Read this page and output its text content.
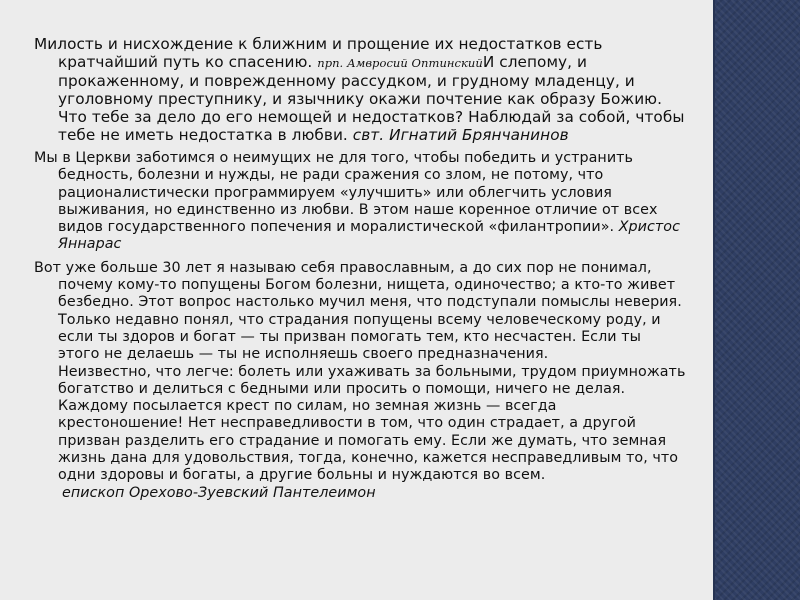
Милость и нисхождение к ближним и прощение их недостатков есть кратчайший путь ко спасению. прп. Амвросий ОптинскийИ слепому, и прокаженному, и поврежденному рассудком, и грудному младенцу, и уголовному преступнику, и язычнику окажи почтение как образу Божию. Что тебе за дело до его немощей и недостатков? Наблюдай за собой, чтобы тебе не иметь недостатка в любви. свт. Игнатий Брянчанинов

Мы в Церкви заботимся о неимущих не для того, чтобы победить и устранить бедность, болезни и нужды, не ради сражения со злом, не потому, что рационалистически программируем «улучшить» или облегчить условия выживания, но единственно из любви. В этом наше коренное отличие от всех видов государственного попечения и моралистической «филантропии». Христос Яннарас

Вот уже больше 30 лет я называю себя православным, а до сих пор не понимал, почему кому-то попущены Богом болезни, нищета, одиночество; а кто-то живет безбедно. Этот вопрос настолько мучил меня, что подступали помыслы неверия. Только недавно понял, что страдания попущены всему человеческому роду, и если ты здоров и богат — ты призван помогать тем, кто несчастен. Если ты этого не делаешь — ты не исполняешь своего предназначения.
Неизвестно, что легче: болеть или ухаживать за больными, трудом приумножать богатство и делиться с бедными или просить о помощи, ничего не делая. Каждому посылается крест по силам, но земная жизнь — всегда крестоношение! Нет несправедливости в том, что один страдает, а другой призван разделить его страдание и помогать ему. Если же думать, что земная жизнь дана для удовольствия, тогда, конечно, кажется несправедливым то, что одни здоровы и богаты, а другие больны и нуждаются во всем.
епископ Орехово-Зуевский Пантелеимон
